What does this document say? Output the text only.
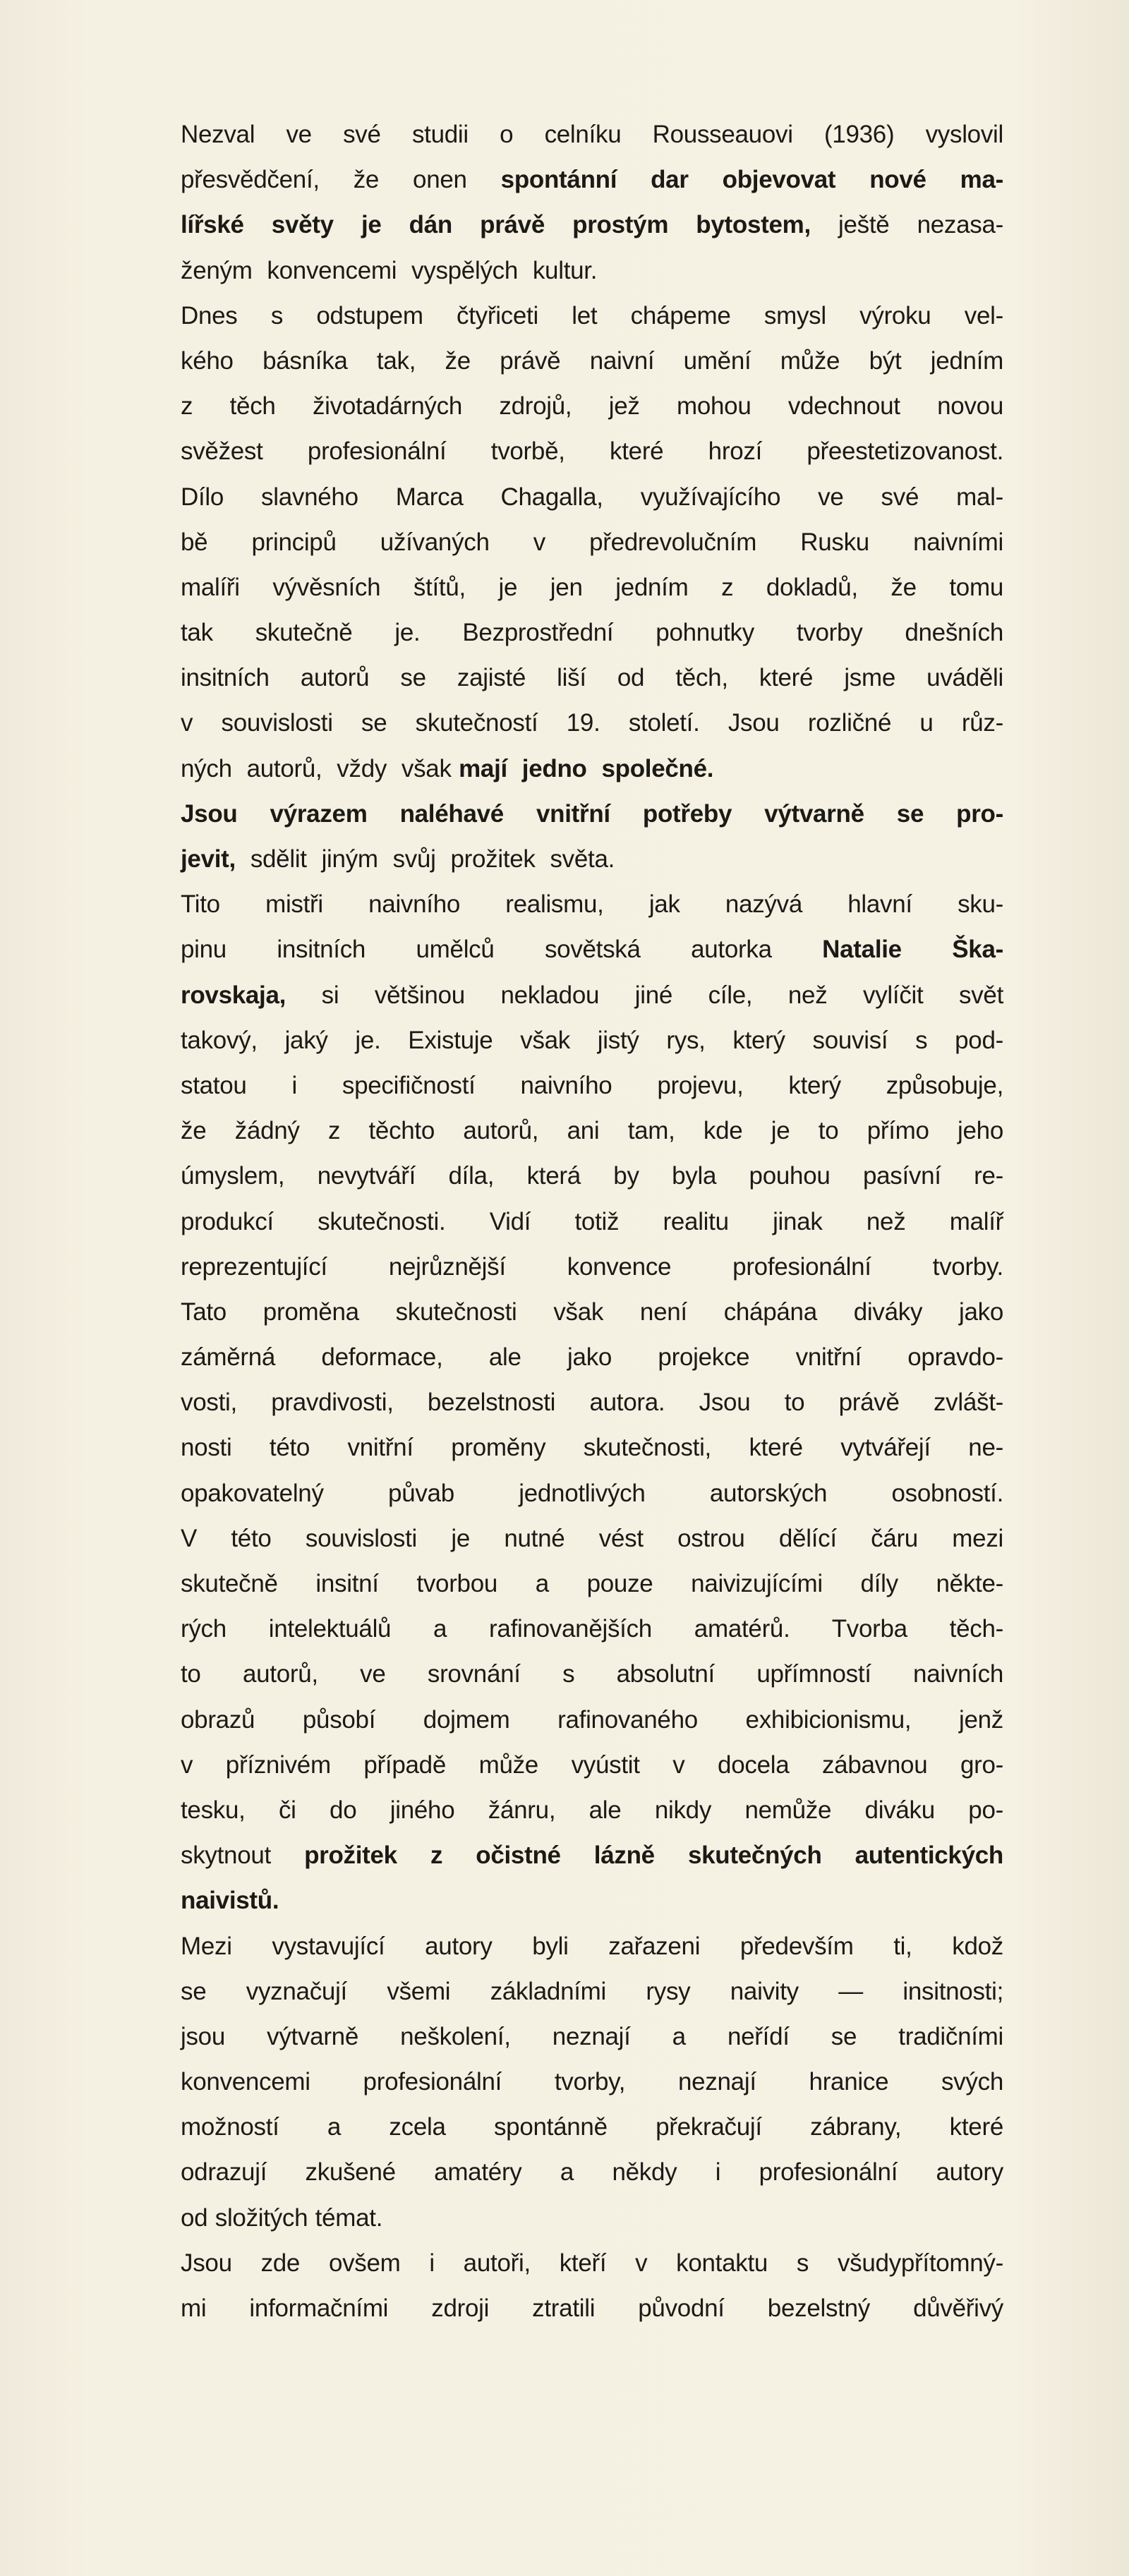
Nezval ve své studii o celníku Rousseauovi (1936) vyslovil
přesvědčení, že onen spontánní dar objevovat nové ma-
lířské světy je dán právě prostým bytostem, ještě nezasa-
ženým  konvencemi  vyspělých  kultur.
Dnes s odstupem čtyřiceti let chápeme smysl výroku vel-
kého básníka tak, že právě naivní umění může být jedním
z těch životadárných zdrojů, jež mohou vdechnout novou
svěžest profesionální tvorbě, které hrozí přeestetizovanost.
Dílo slavného Marca Chagalla, využívajícího ve své mal-
bě principů užívaných v předrevolučním Rusku naivními
malíři vývěsních štítů, je jen jedním z dokladů, že tomu
tak skutečně je. Bezprostřední pohnutky tvorby dnešních
insitních autorů se zajisté liší od těch, které jsme uváděli
v souvislosti se skutečností 19. století. Jsou rozličné u růz-
ných  autorů,  vždy  však mají  jedno  společné.
Jsou výrazem naléhavé vnitřní potřeby výtvarně se pro-
jevit,  sdělit  jiným  svůj  prožitek  světa.
Tito mistři naivního realismu, jak nazývá hlavní sku-
pinu insitních umělců sovětská autorka Natalie Ška-
rovskaja, si většinou nekladou jiné cíle, než vylíčit svět
takový, jaký je. Existuje však jistý rys, který souvisí s pod-
statou i specifičností naivního projevu, který způsobuje,
že žádný z těchto autorů, ani tam, kde je to přímo jeho
úmyslem, nevytváří díla, která by byla pouhou pasívní re-
produkcí skutečnosti. Vidí totiž realitu jinak než malíř
reprezentující nejrůznější konvence profesionální tvorby.
Tato proměna skutečnosti však není chápána diváky jako
záměrná deformace, ale jako projekce vnitřní opravdo-
vosti, pravdivosti, bezelstnosti autora. Jsou to právě zvlášt-
nosti této vnitřní proměny skutečnosti, které vytvářejí ne-
opakovatelný půvab jednotlivých autorských osobností.
V této souvislosti je nutné vést ostrou dělící čáru mezi
skutečně insitní tvorbou a pouze naivizujícími díly někte-
rých intelektuálů a rafinovanějších amatérů. Tvorba těch-
to autorů, ve srovnání s absolutní upřímností naivních
obrazů působí dojmem rafinovaného exhibicionismu, jenž
v příznivém případě může vyústit v docela zábavnou gro-
tesku, či do jiného žánru, ale nikdy nemůže diváku po-
skytnout prožitek z očistné lázně skutečných autentických
naivistů.
Mezi vystavující autory byli zařazeni především ti, kdož
se vyznačují všemi základními rysy naivity — insitnosti;
jsou výtvarně neškolení, neznají a neřídí se tradičními
konvencemi profesionální tvorby, neznají hranice svých
možností a zcela spontánně překračují zábrany, které
odrazují zkušené amatéry a někdy i profesionální autory
od složitých témat.
Jsou zde ovšem i autoři, kteří v kontaktu s všudypřítomný-
mi informačními zdroji ztratili původní bezelstný důvěřivý
